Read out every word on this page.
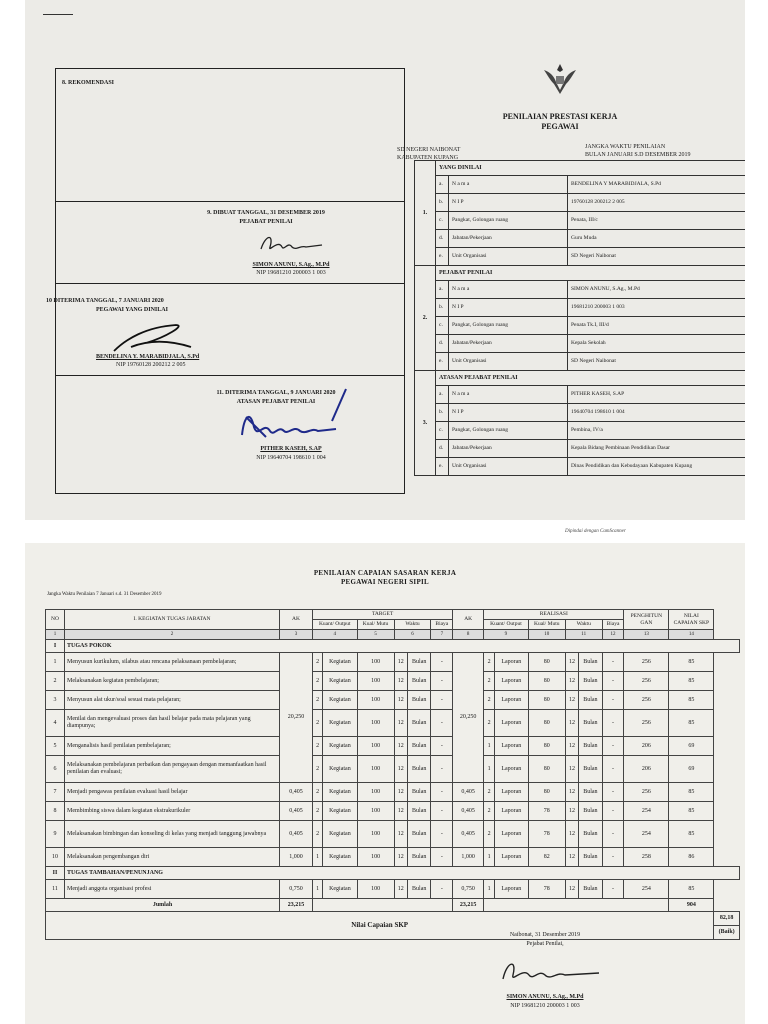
8. REKOMENDASI
9. DIBUAT TANGGAL, 31 DESEMBER 2019
PEJABAT PENILAI
SIMON ANUNU, S.Ag., M.Pd
NIP 19681210 200003 1 003
10 DITERIMA TANGGAL, 7 JANUARI 2020
PEGAWAI YANG DINILAI
BENDELINA Y. MARABIDJALA, S.Pd
NIP 19760128 200212 2 005
11. DITERIMA TANGGAL, 9 JANUARI 2020
ATASAN PEJABAT PENILAI
PITHER KASEH, S.AP
NIP 19640704 198610 1 004
PENILAIAN PRESTASI KERJA
PEGAWAI
SD NEGERI NAIBONAT
KABUPATEN KUPANG
JANGKA WAKTU PENILAIAN
BULAN JANUARI S.D DESEMBER 2019
1.	YANG DINILAI		
	a.	N a m a	BENDELINA Y MARABIDJALA, S.Pd
	b.	N I P	19760128 200212 2 005
	c.	Pangkat, Golongan ruang	Penata, III/c
	d.	Jabatan/Pekerjaan	Guru Muda
	e.	Unit Organisasi	SD Negeri Naibonat
2.	PEJABAT PENILAI		
	a.	N a m a	SIMON ANUNU, S.Ag., M.Pd
	b.	N I P	19681210 200003 1 003
	c.	Pangkat, Golongan ruang	Penata Tk.I, III/d
	d.	Jabatan/Pekerjaan	Kepala Sekolah
	e.	Unit Organisasi	SD Negeri Naibonat
3.	ATASAN PEJABAT PENILAI		
	a.	N a m a	PITHER KASEH, S.AP
	b.	N I P	19640704 198610 1 004
	c.	Pangkat, Golongan ruang	Pembina, IV/a
	d.	Jabatan/Pekerjaan	Kepala Bidang Pembinaan Pendidikan Dasar
	e.	Unit Organisasi	Dinas Pendidikan dan Kebudayaan Kabupaten Kupang
Dipindai dengan CamScanner
PENILAIAN CAPAIAN SASARAN KERJA
PEGAWAI NEGERI SIPIL
Jangka Waktu Penilaian 7 Januari s.d. 31 Desember 2019
NO	I. KEGIATAN TUGAS JABATAN	AK	TARGET						AK	REALISASI						PENGHITUN GAN	NILAI CAPAIAN SKP	
			Kuant/ Output		Kual/ Mutu	Waktu		Biaya		Kuant/ Output		Kual/ Mutu	Waktu		Biaya			
1	2	3	4		5	6		7	8	9		10	11		12	13	14	
I	TUGAS POKOK																	
1	Menyusun kurikulum, silabus atau rencana pelaksanaan pembelajaran;	20,250	2	Kegiatan	100	12	Bulan	-	20,250	2	Laporan	80	12	Bulan	-	256	85	
2	Melaksanakan kegiatan pembelajaran;		2	Kegiatan	100	12	Bulan	-		2	Laporan	80	12	Bulan	-	256	85	
3	Menyusun alat ukur/soal sesuai mata pelajaran;		2	Kegiatan	100	12	Bulan	-		2	Laporan	80	12	Bulan	-	256	85	
4	Menilai dan mengevaluasi proses dan hasil belajar pada mata pelajaran yang diampunya;		2	Kegiatan	100	12	Bulan	-		2	Laporan	80	12	Bulan	-	256	85	
5	Menganalisis hasil penilaian pembelajaran;		2	Kegiatan	100	12	Bulan	-		1	Laporan	80	12	Bulan	-	206	69	
6	Melaksanakan pembelajaran perbaikan dan pengayaan dengan memanfaatkan hasil penilaian dan evaluasi;		2	Kegiatan	100	12	Bulan	-		1	Laporan	80	12	Bulan	-	206	69	
7	Menjadi pengawas penilaian evaluasi hasil belajar	0,405	2	Kegiatan	100	12	Bulan	-	0,405	2	Laporan	80	12	Bulan	-	256	85	
8	Membimbing siswa dalam kegiatan ekstrakurikuler	0,405	2	Kegiatan	100	12	Bulan	-	0,405	2	Laporan	78	12	Bulan	-	254	85	
9	Melaksanakan bimbingan dan konseling di kelas yang menjadi tanggung jawabnya	0,405	2	Kegiatan	100	12	Bulan	-	0,405	2	Laporan	78	12	Bulan	-	254	85	
10	Melaksanakan pengembangan diri	1,000	1	Kegiatan	100	12	Bulan	-	1,000	1	Laporan	82	12	Bulan	-	258	86	
II	TUGAS TAMBAHAN/PENUNJANG																	
11	Menjadi anggota organisasi profesi	0,750	1	Kegiatan	100	12	Bulan	-	0,750	1	Laporan	78	12	Bulan	-	254	85	
Jumlah		23,215							23,215								904	
Nilai Capaian SKP																		82,18
																		(Baik)
Naibonat, 31 Desember 2019
Pejabat Penilai,
SIMON ANUNU, S.Ag., M.Pd
NIP 19681210 200003 1 003
